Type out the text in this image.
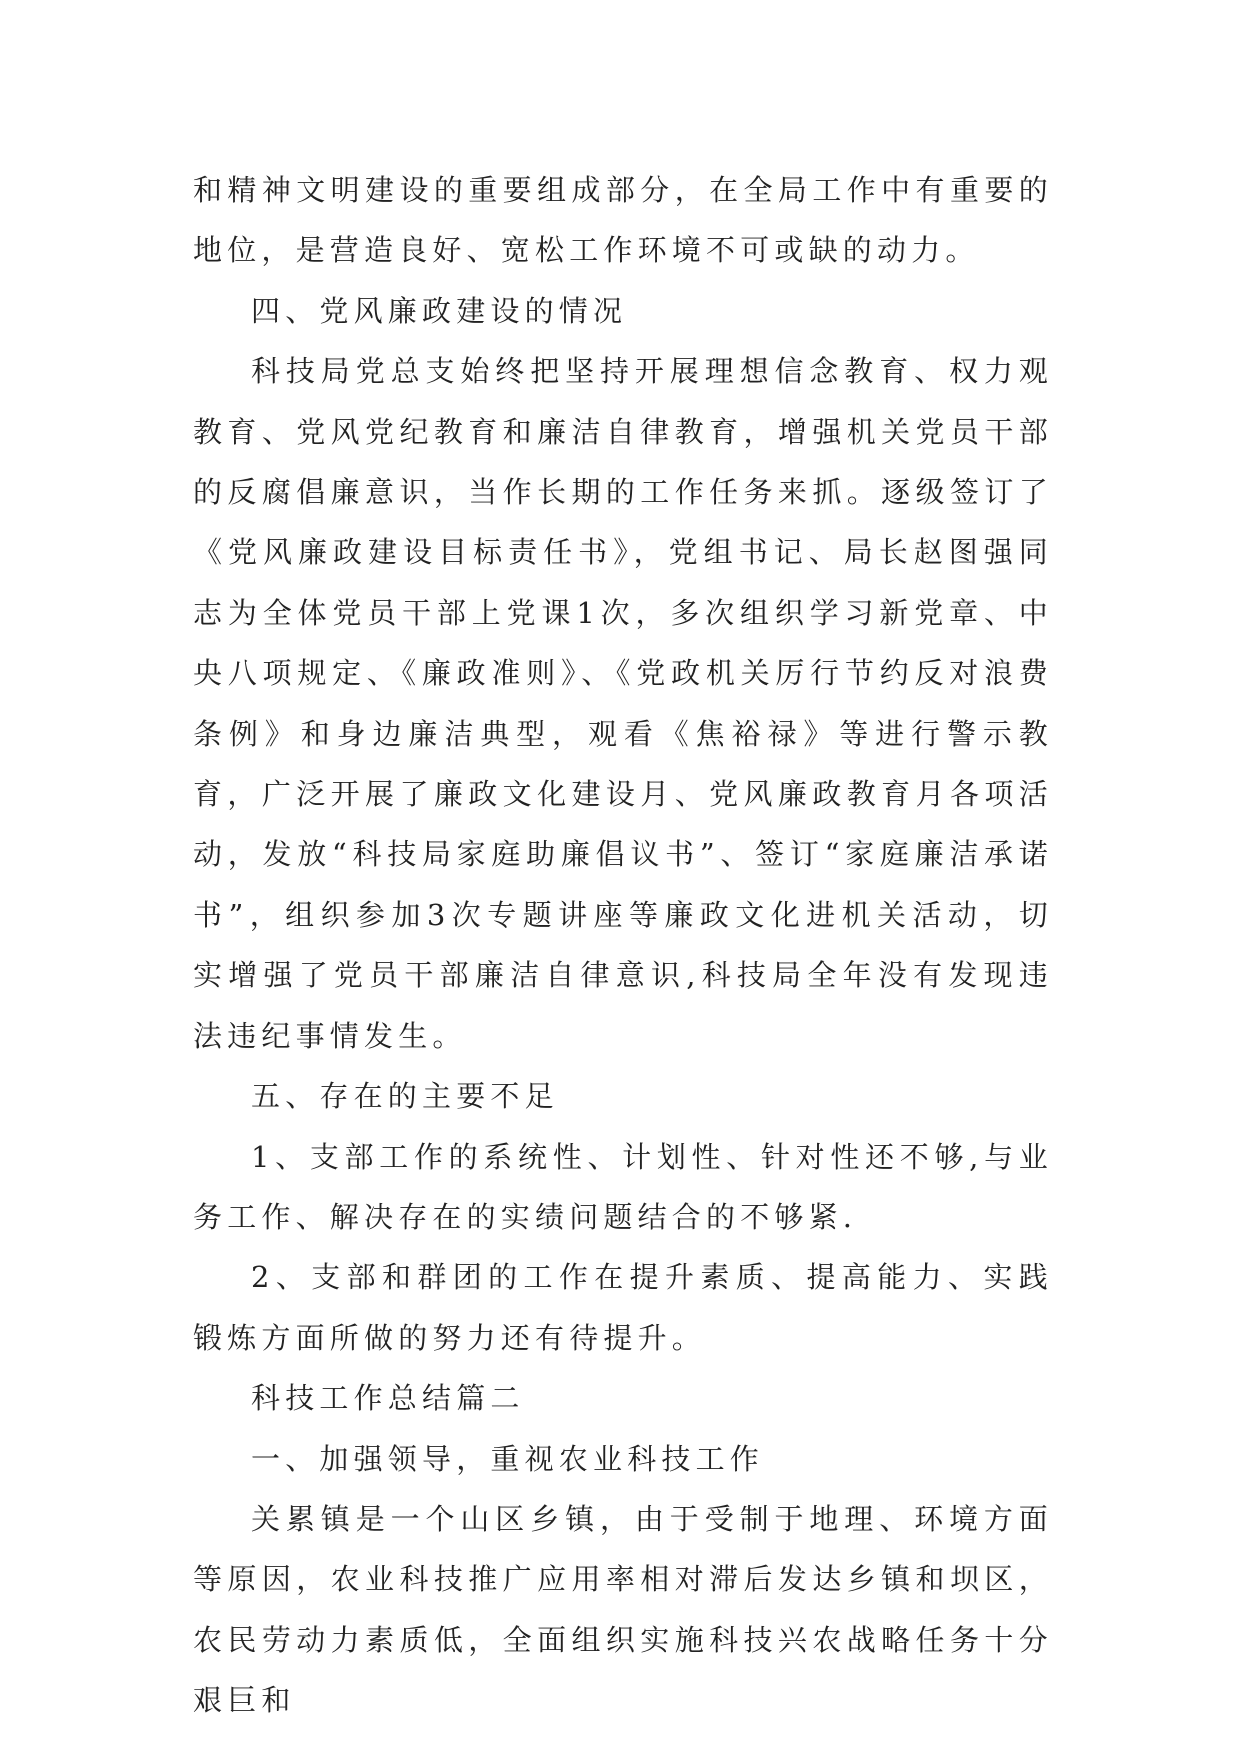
和精神文明建设的重要组成部分，在全局工作中有重要的地位，是营造良好、宽松工作环境不可或缺的动力。

四、党风廉政建设的情况

科技局党总支始终把坚持开展理想信念教育、权力观教育、党风党纪教育和廉洁自律教育，增强机关党员干部的反腐倡廉意识，当作长期的工作任务来抓。逐级签订了《党风廉政建设目标责任书》，党组书记、局长赵图强同志为全体党员干部上党课1次，多次组织学习新党章、中央八项规定、《廉政准则》、《党政机关厉行节约反对浪费条例》和身边廉洁典型，观看《焦裕禄》等进行警示教育，广泛开展了廉政文化建设月、党风廉政教育月各项活动，发放“科技局家庭助廉倡议书”、签订“家庭廉洁承诺书”，组织参加3次专题讲座等廉政文化进机关活动，切实增强了党员干部廉洁自律意识,科技局全年没有发现违法违纪事情发生。

五、存在的主要不足

1、支部工作的系统性、计划性、针对性还不够,与业务工作、解决存在的实绩问题结合的不够紧.

2、支部和群团的工作在提升素质、提高能力、实践锻炼方面所做的努力还有待提升。

科技工作总结篇二

一、加强领导，重视农业科技工作

关累镇是一个山区乡镇，由于受制于地理、环境方面等原因，农业科技推广应用率相对滞后发达乡镇和坝区，农民劳动力素质低，全面组织实施科技兴农战略任务十分艰巨和
